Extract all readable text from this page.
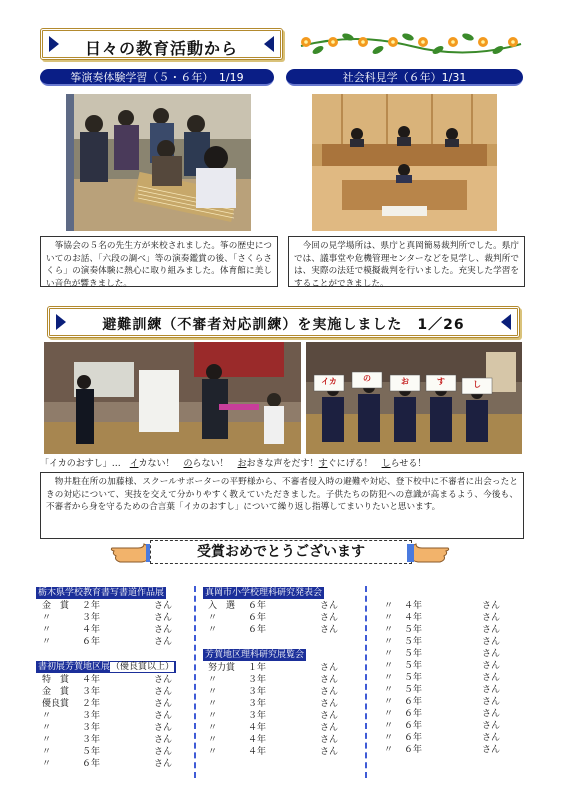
日々の教育活動から
筝演奏体験学習（５・６年）　1/19
　筝協会の５名の先生方が来校されました。筝の歴史についてのお話、「六段の調べ」等の演奏鑑賞の後、「さくらさくら」の演奏体験に熱心に取り組みました。体育館に美しい音色が響きました。
社会科見学（６年）1/31
　今回の見学場所は、県庁と真岡簡易裁判所でした。県庁では、議事堂や危機管理センターなどを見学し、裁判所では、実際の法廷で模擬裁判を行いました。充実した学習をすることができました。
避難訓練（不審者対応訓練）を実施しました　1／26
イカ	の	お	す	し
「イカのおすし」…　イカない！　のらない！　おおきな声をだす！すぐにげる！　しらせる！
　物井駐在所の加藤様、スクールサポーターの平野様から、不審者侵入時の避難や対応、登下校中に不審者に出会ったときの対応について、実技を交えて分かりやすく教えていただきました。子供たちの防犯への意識が高まるよう、今後も、不審者から身を守るための合言葉「イカのおすし」について繰り返し指導してまいりたいと思います。
受賞おめでとうございます
栃木県学校教育書写書道作品展
金　賞 ２年	さん
〃	３年	さん
〃	４年	さん
〃	６年	さん
書初展芳賀地区展（優良賞以上）
特　賞 ４年	さん
金　賞 ３年	さん
優良賞 ２年	さん
〃	３年	さん
〃	３年	さん
〃	３年	さん
〃	５年	さん
〃	６年	さん
真岡市小学校理科研究発表会
入　選 ６年	さん
〃	６年	さん
〃	６年	さん
芳賀地区理科研究展覧会
努力賞 １年	さん
〃	３年	さん
〃	３年	さん
〃	３年	さん
〃	３年	さん
〃	４年	さん
〃	４年	さん
〃	４年	さん
〃 ４年	さん
〃 ４年	さん
〃 ５年	さん
〃 ５年	さん
〃 ５年	さん
〃 ５年	さん
〃 ５年	さん
〃 ５年	さん
〃 ６年	さん
〃 ６年	さん
〃 ６年	さん
〃 ６年	さん
〃 ６年	さん
